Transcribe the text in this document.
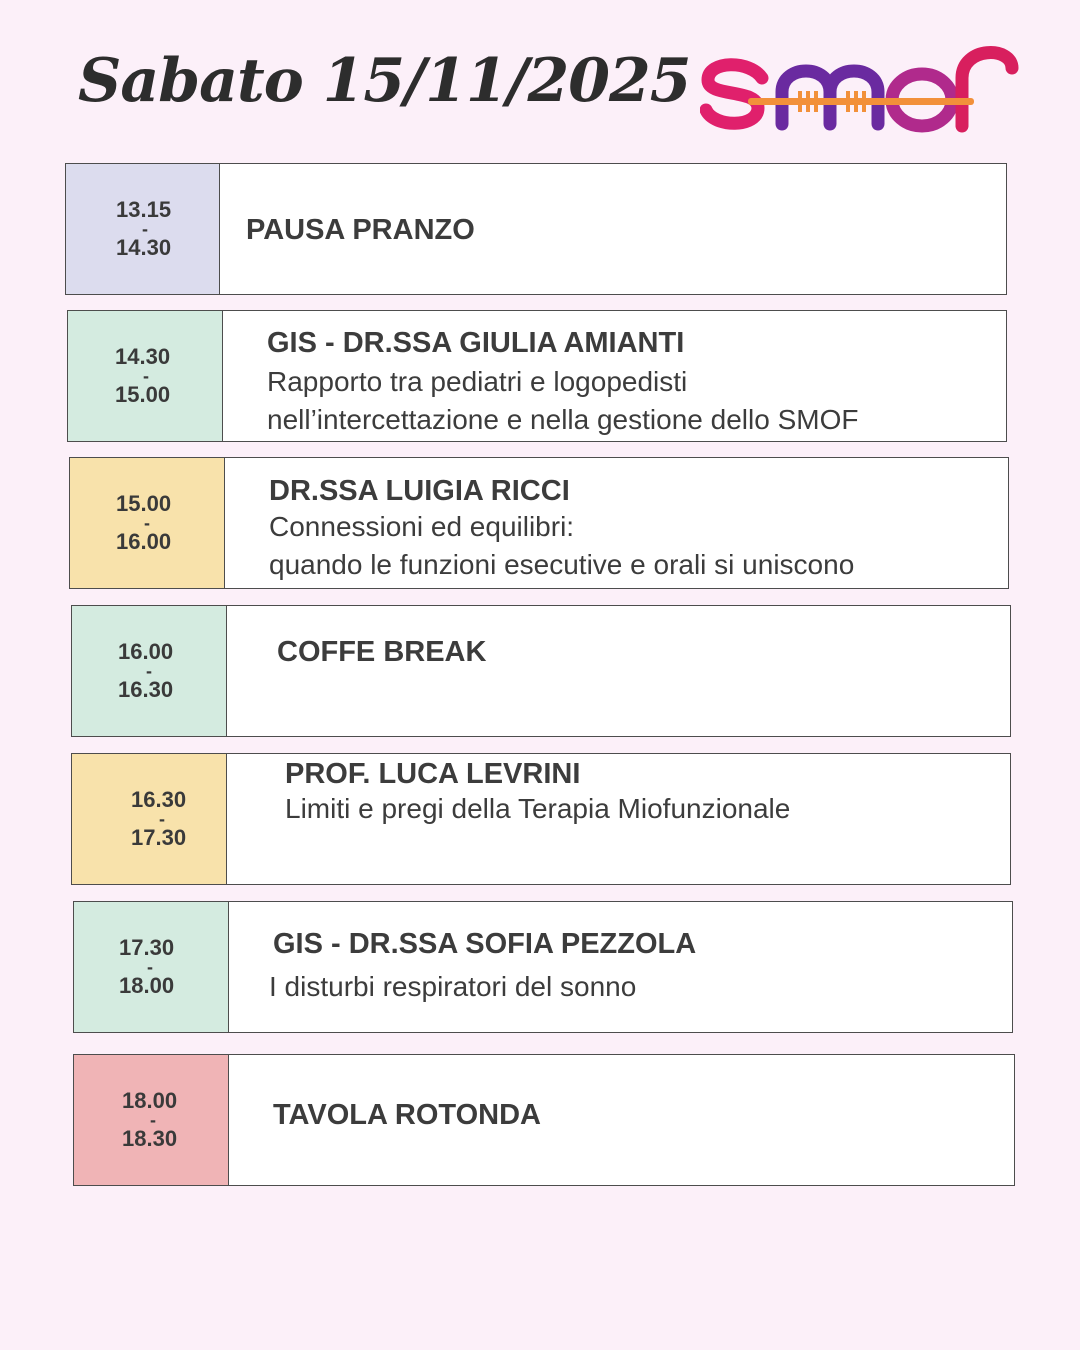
Sabato 15/11/2025
13.15
-
14.30

PAUSA PRANZO

14.30
-
15.00

GIS - DR.SSA GIULIA AMIANTI

Rapporto tra pediatri e logopedisti

nell’intercettazione e nella gestione dello SMOF

15.00
-
16.00

DR.SSA LUIGIA RICCI

Connessioni ed equilibri:

quando le funzioni esecutive e orali si uniscono

16.00
-
16.30

COFFE BREAK

16.30
-
17.30

PROF. LUCA LEVRINI

Limiti e pregi della Terapia Miofunzionale

17.30
-
18.00

GIS - DR.SSA SOFIA PEZZOLA

I disturbi respiratori del sonno

18.00
-
18.30

TAVOLA ROTONDA
